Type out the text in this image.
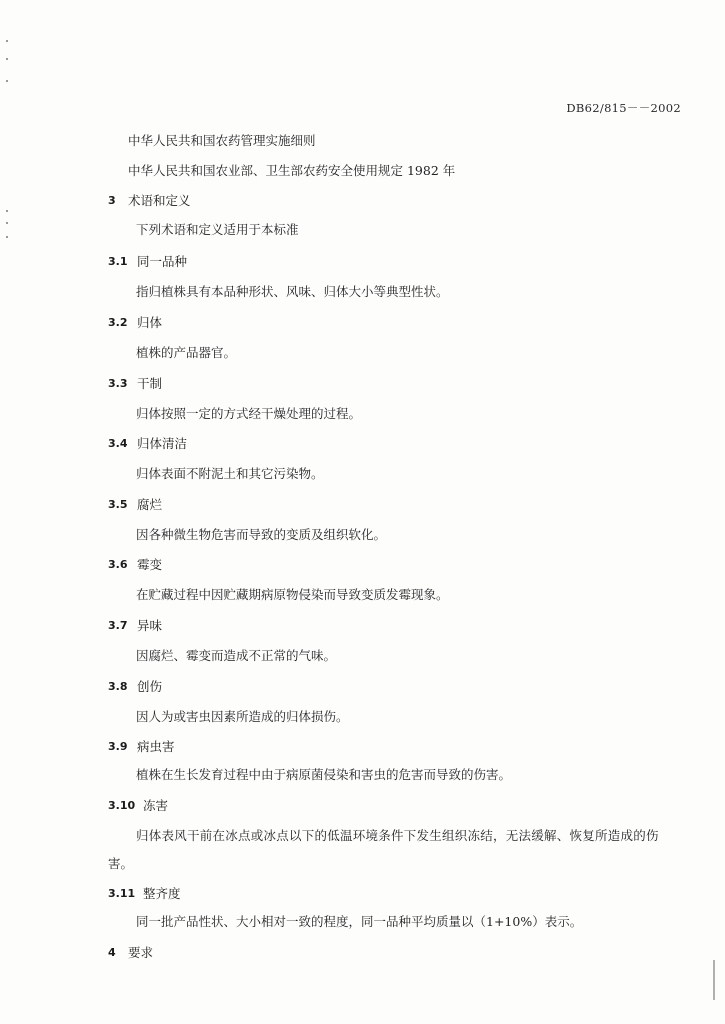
DB62/815－－2002
中华人民共和国农药管理实施细则
中华人民共和国农业部、卫生部农药安全使用规定 1982 年
3 术语和定义
下列术语和定义适用于本标准
3.1 同一品种
指归植株具有本品种形状、风味、归体大小等典型性状。
3.2 归体
植株的产品器官。
3.3 干制
归体按照一定的方式经干燥处理的过程。
3.4 归体清洁
归体表面不附泥土和其它污染物。
3.5 腐烂
因各种微生物危害而导致的变质及组织软化。
3.6 霉变
在贮藏过程中因贮藏期病原物侵染而导致变质发霉现象。
3.7 异味
因腐烂、霉变而造成不正常的气味。
3.8 创伤
因人为或害虫因素所造成的归体损伤。
3.9 病虫害
植株在生长发育过程中由于病原菌侵染和害虫的危害而导致的伤害。
3.10 冻害
归体表风干前在冰点或冰点以下的低温环境条件下发生组织冻结，无法缓解、恢复所造成的伤
害。
3.11 整齐度
同一批产品性状、大小相对一致的程度，同一品种平均质量以（1+10%）表示。
4 要求
